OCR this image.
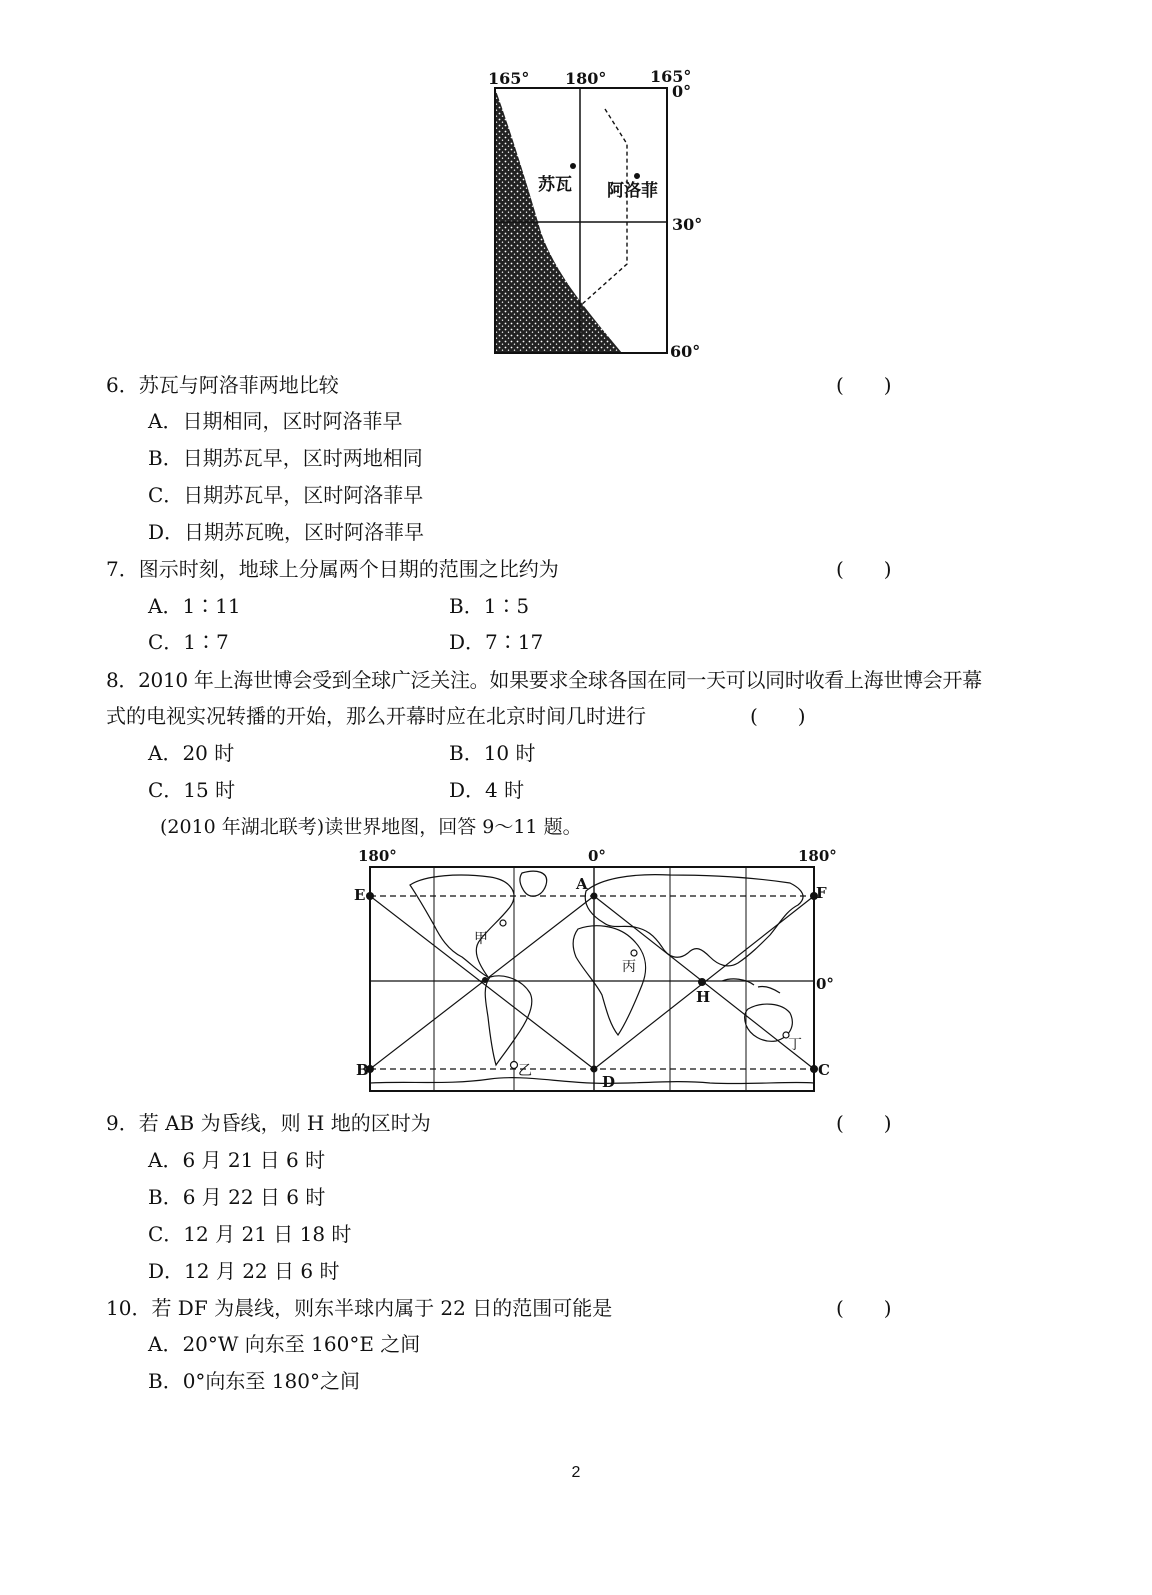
苏瓦 阿洛菲
165° 180°	165°
0°
30°
60°
6．苏瓦与阿洛菲两地比较	(　　)
A．日期相同，区时阿洛菲早
B．日期苏瓦早，区时两地相同
C．日期苏瓦早，区时阿洛菲早
D．日期苏瓦晚，区时阿洛菲早
7．图示时刻，地球上分属两个日期的范围之比约为	(　　)
A．1∶11	B．1∶5
C．1∶7	D．7∶17
8．2010 年上海世博会受到全球广泛关注。如果要求全球各国在同一天可以同时收看上海世博会开幕
式的电视实况转播的开始，那么开幕时应在北京时间几时进行	(　　)
A．20 时	B．10 时
C．15 时	D．4 时
(2010 年湖北联考)读世界地图，回答 9～11 题。
180°	0°	180°
0°
A
B	C
D
E	F
H
甲
乙
丙
丁
9．若 AB 为昏线，则 H 地的区时为	(　　)
A．6 月 21 日 6 时
B．6 月 22 日 6 时
C．12 月 21 日 18 时
D．12 月 22 日 6 时
10．若 DF 为晨线，则东半球内属于 22 日的范围可能是	(　　)
A．20°W 向东至 160°E 之间
B．0°向东至 180°之间
2
